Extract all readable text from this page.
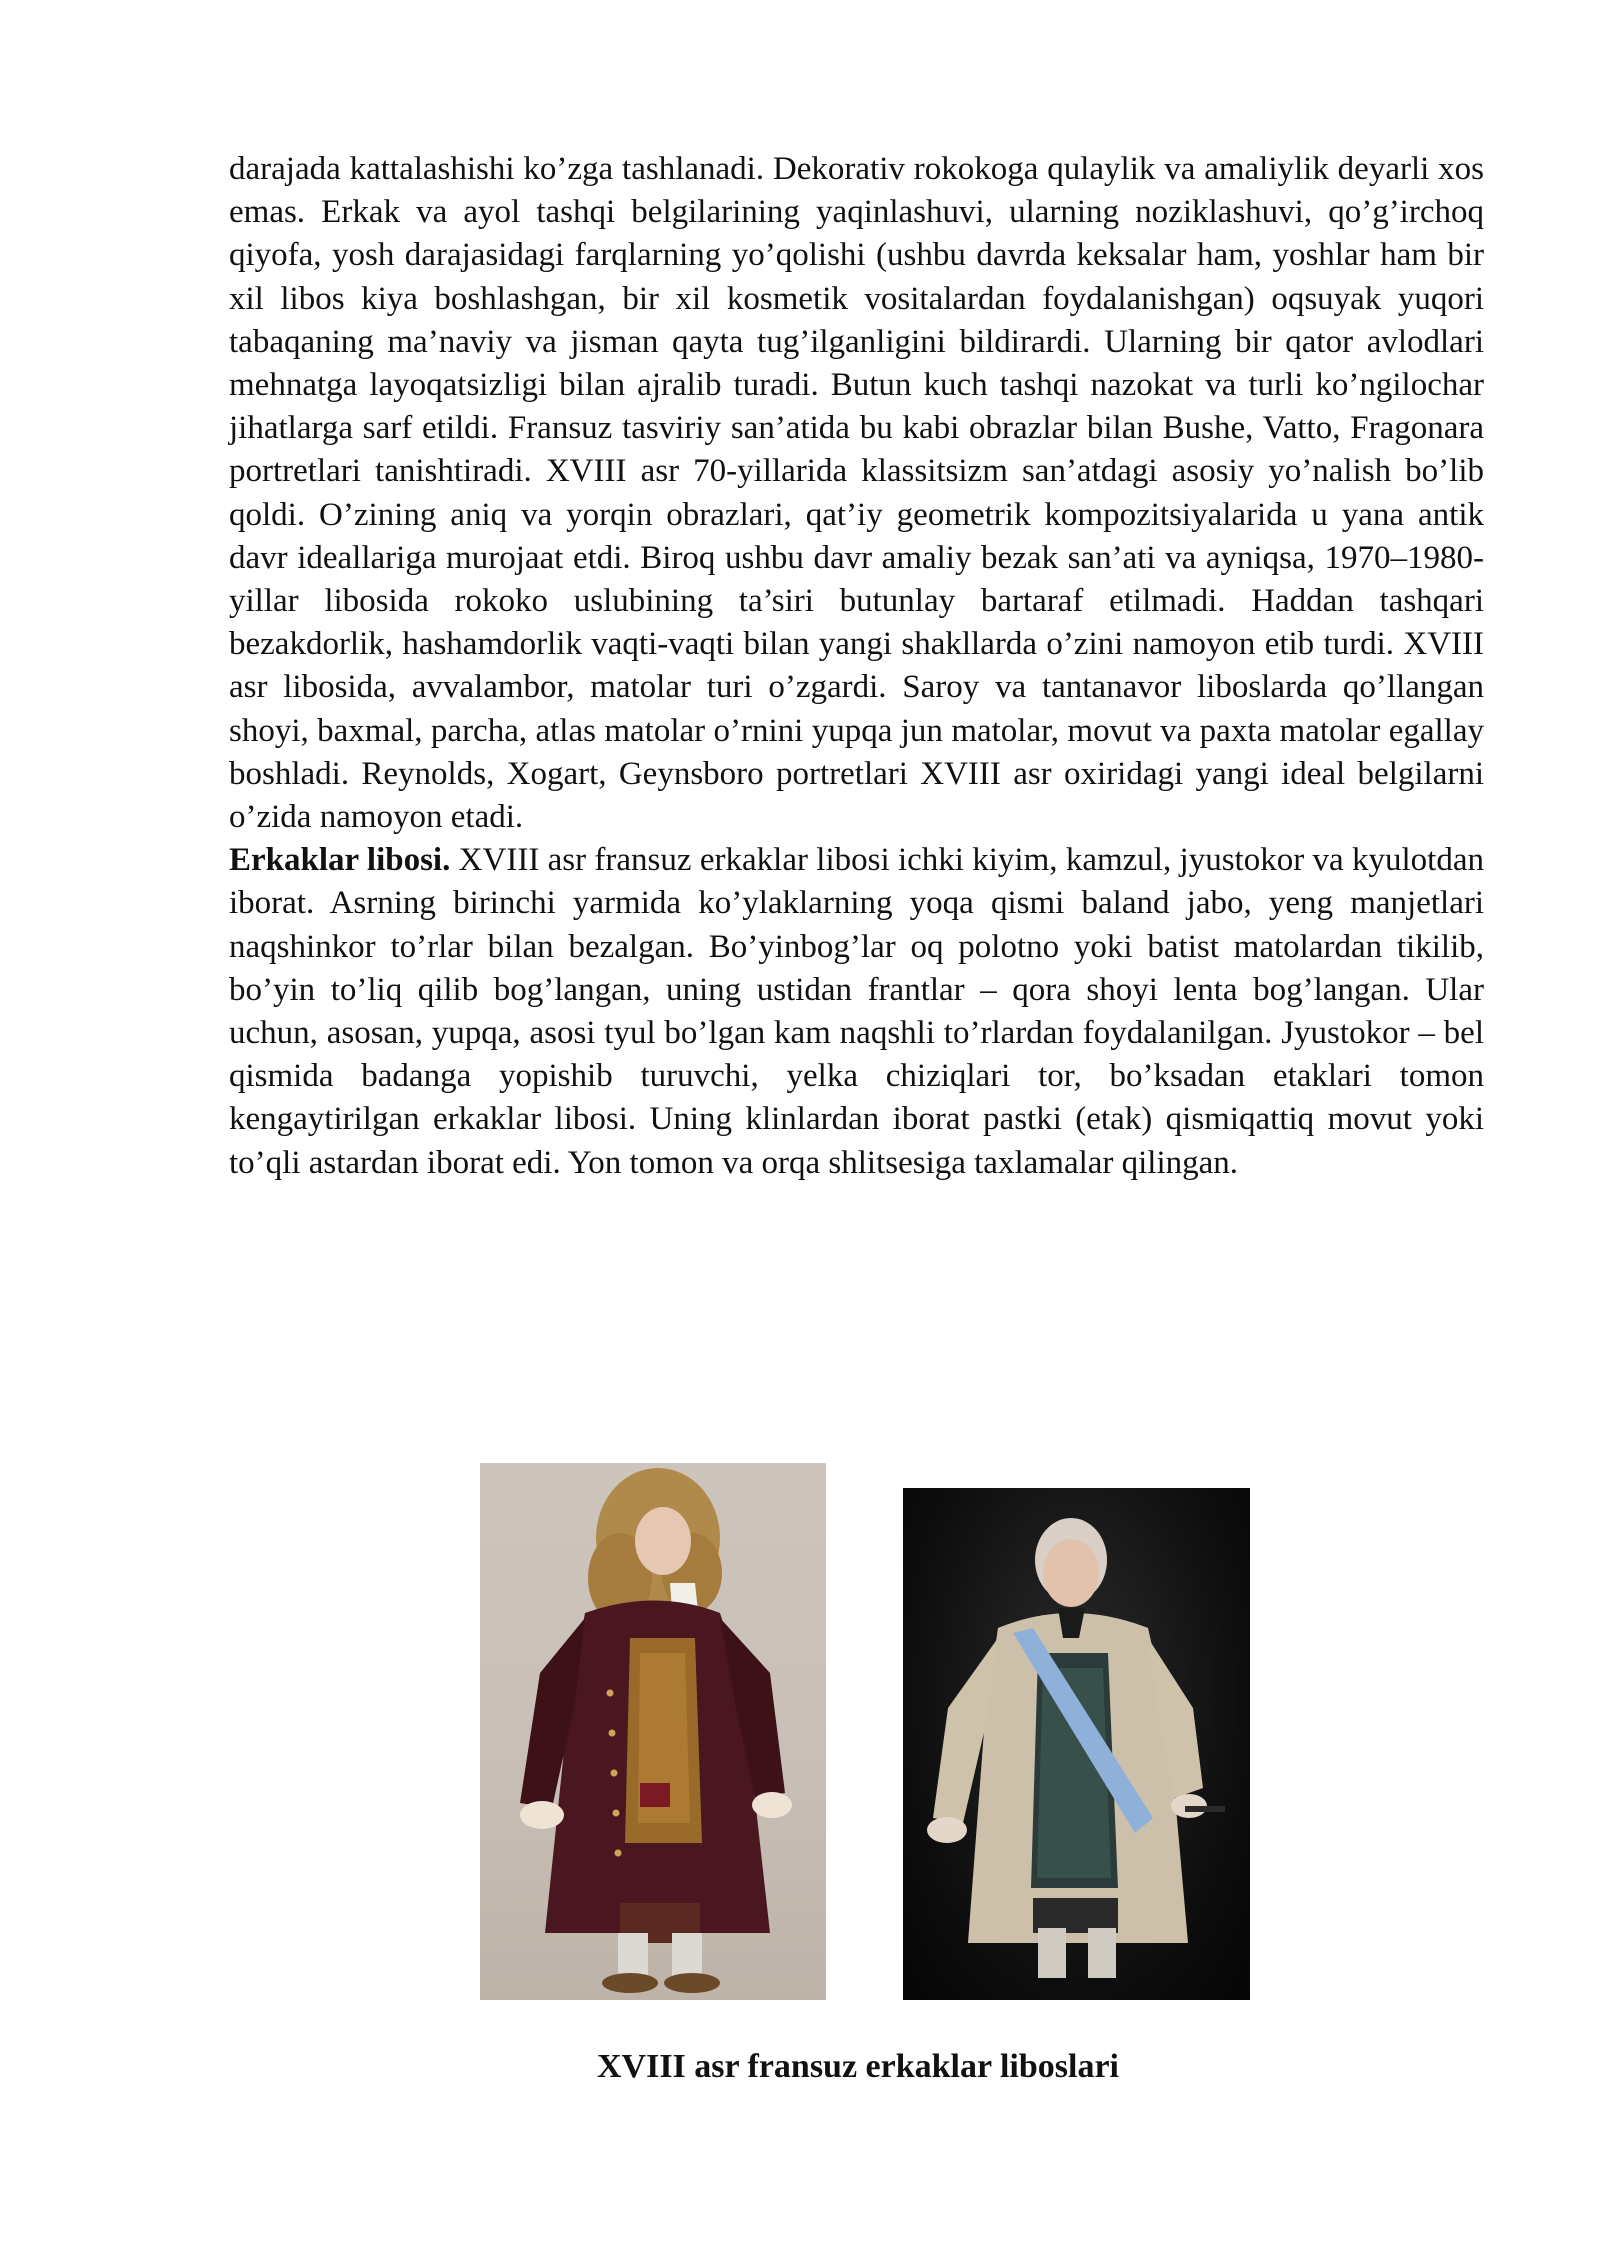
darajada kattalashishi ko’zga tashlanadi. Dekorativ rokokoga qulaylik va amaliylik deyarli xos emas. Erkak va ayol tashqi belgilarining yaqinlashuvi, ularning noziklashuvi, qo’g’irchoq qiyofa, yosh darajasidagi farqlarning yo’qolishi (ushbu davrda keksalar ham, yoshlar ham bir xil libos kiya boshlashgan, bir xil kosmetik vositalardan foydalanishgan) oqsuyak yuqori tabaqaning ma’naviy va jisman qayta tug’ilganligini bildirardi. Ularning bir qator avlodlari mehnatga layoqatsizligi bilan ajralib turadi. Butun kuch tashqi nazokat va turli ko’ngilochar jihatlarga sarf etildi. Fransuz tasviriy san’atida bu kabi obrazlar bilan Bushe, Vatto, Fragonara portretlari tanishtiradi. XVIII asr 70-yillarida klassitsizm san’atdagi asosiy yo’nalish bo’lib qoldi. O’zining aniq va yorqin obrazlari, qat’iy geometrik kompozitsiyalarida u yana antik davr ideallariga murojaat etdi. Biroq ushbu davr amaliy bezak san’ati va ayniqsa, 1970–1980-yillar libosida rokoko uslubining ta’siri butunlay bartaraf etilmadi. Haddan tashqari bezakdorlik, hashamdorlik vaqti-vaqti bilan yangi shakllarda o’zini namoyon etib turdi. XVIII asr libosida, avvalambor, matolar turi o’zgardi. Saroy va tantanavor liboslarda qo’llangan shoyi, baxmal, parcha, atlas matolar o’rnini yupqa jun matolar, movut va paxta matolar egallay boshladi. Reynolds, Xogart, Geynsboro portretlari XVIII asr oxiridagi yangi ideal belgilarni o’zida namoyon etadi.

Erkaklar libosi. XVIII asr fransuz erkaklar libosi ichki kiyim, kamzul, jyustokor va kyulotdan iborat. Asrning birinchi yarmida ko’ylaklarning yoqa qismi baland jabo, yeng manjetlari naqshinkor to’rlar bilan bezalgan. Bo’yinbog’lar oq polotno yoki batist matolardan tikilib, bo’yin to’liq qilib bog’langan, uning ustidan frantlar – qora shoyi lenta bog’langan. Ular uchun, asosan, yupqa, asosi tyul bo’lgan kam naqshli to’rlardan foydalanilgan. Jyustokor – bel qismida badanga yopishib turuvchi, yelka chiziqlari tor, bo’ksadan etaklari tomon kengaytirilgan erkaklar libosi. Uning klinlardan iborat pastki (etak) qismiqattiq movut yoki to’qli astardan iborat edi. Yon tomon va orqa shlitsesiga taxlamalar qilingan.

XVIII asr fransuz erkaklar liboslari
